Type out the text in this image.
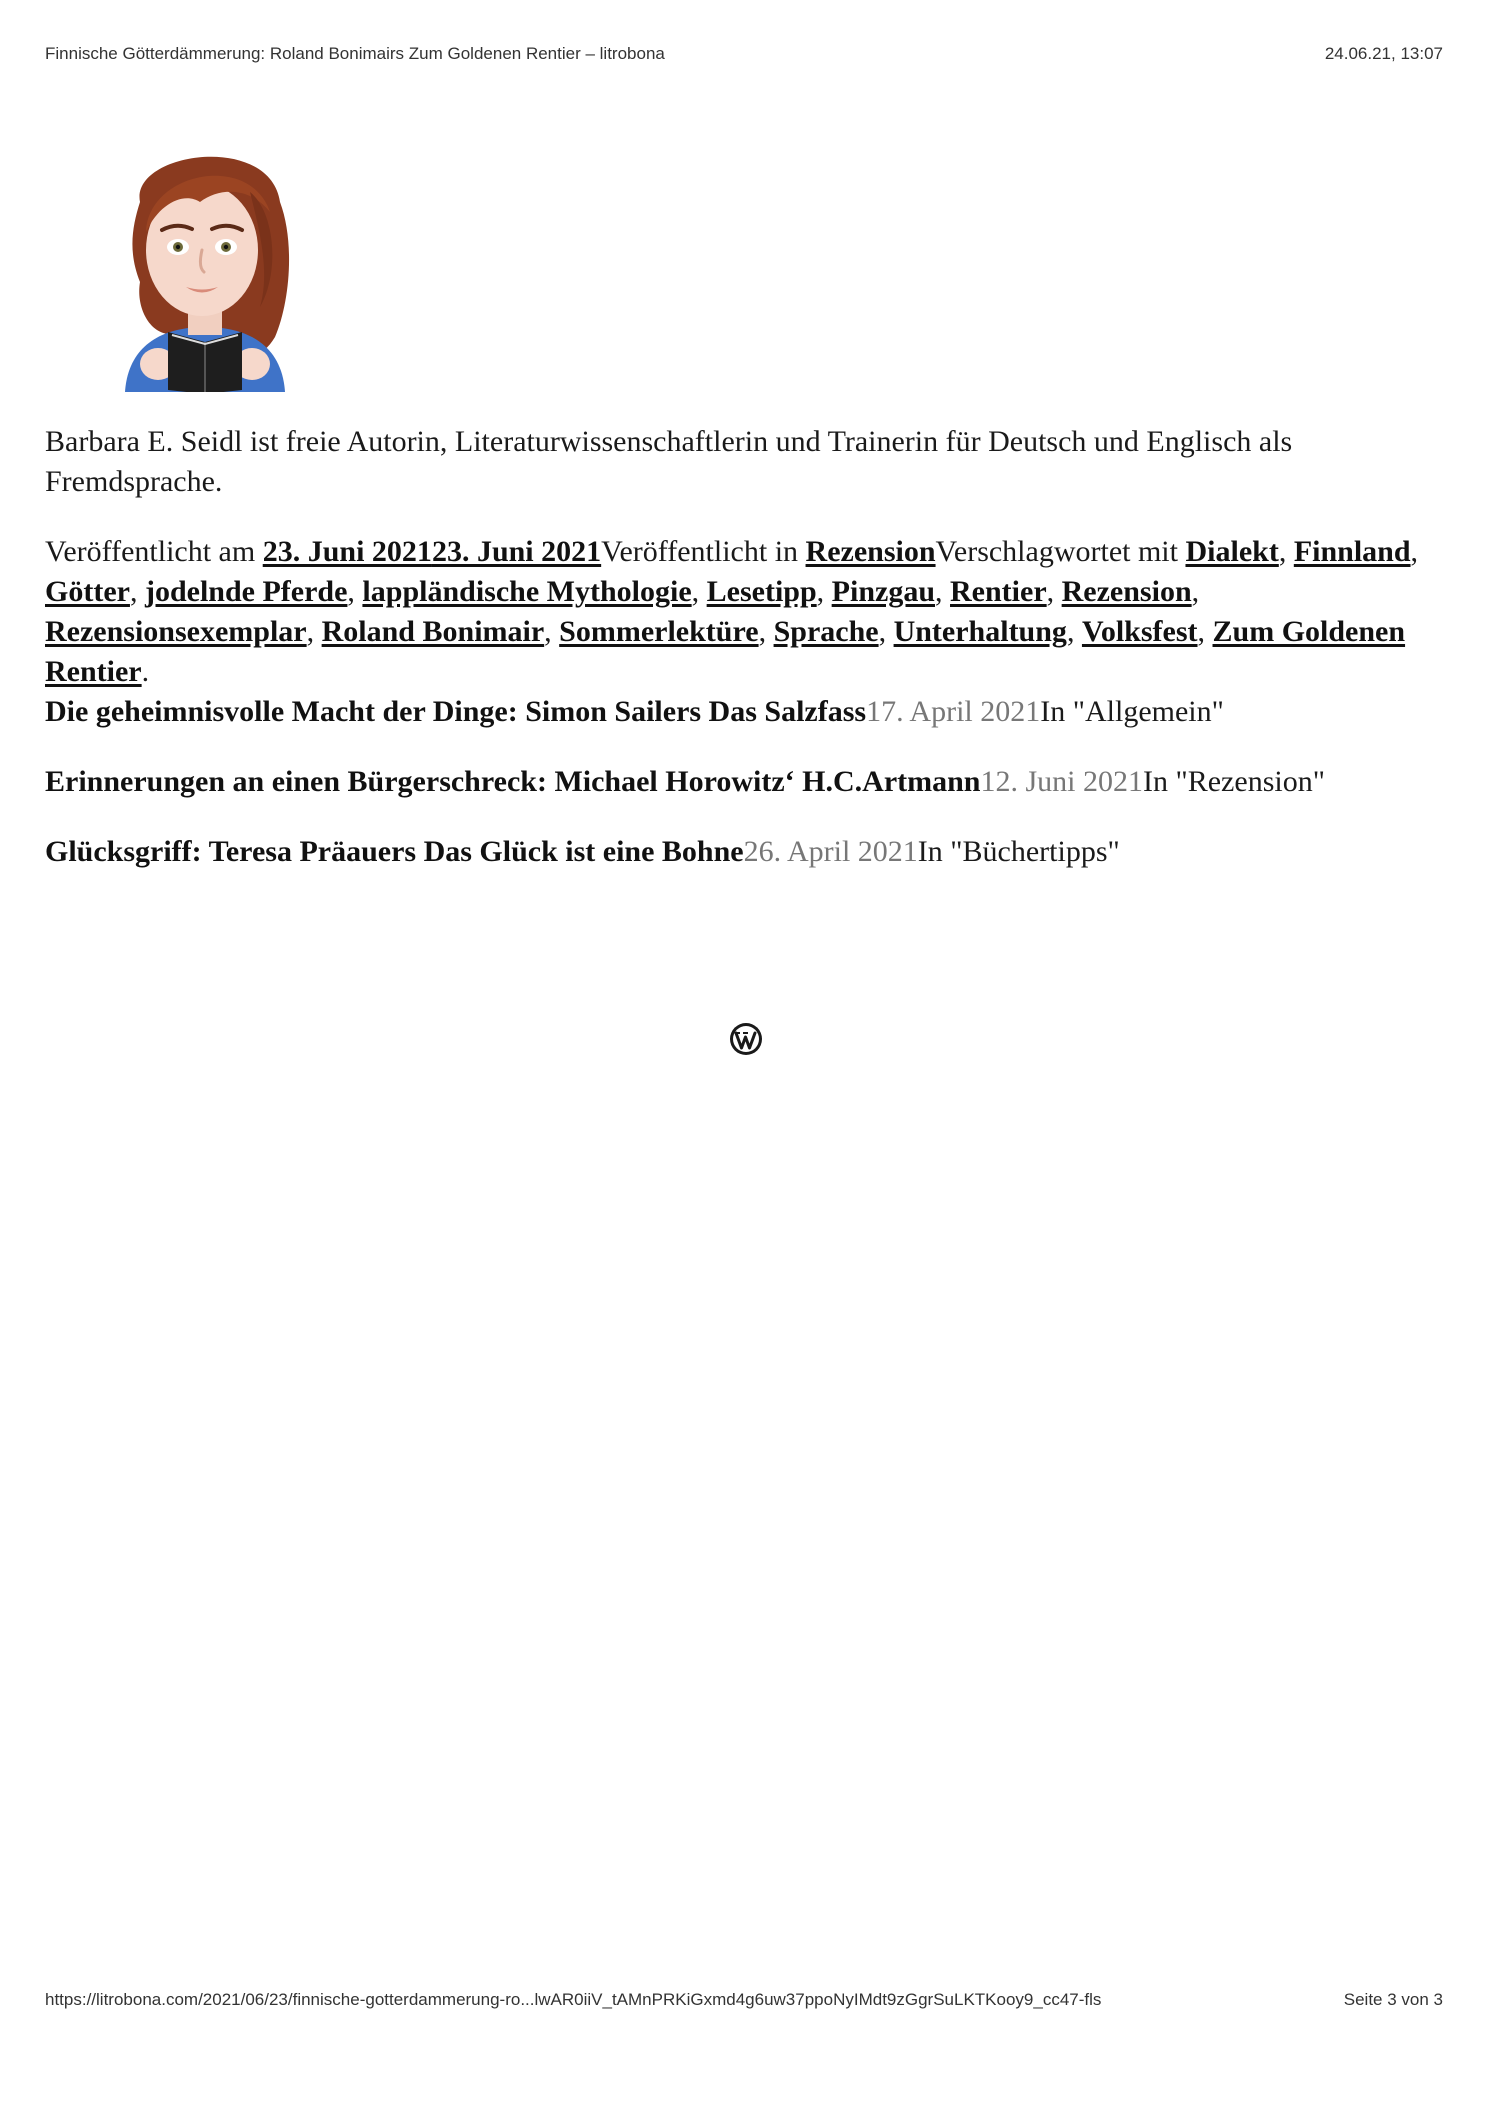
Finnische Götterdämmerung: Roland Bonimairs Zum Goldenen Rentier – litrobona	24.06.21, 13:07

Barbara E. Seidl ist freie Autorin, Literaturwissenschaftlerin und Trainerin für Deutsch und Englisch als Fremdsprache.

Veröffentlicht am 23. Juni 202123. Juni 2021Veröffentlicht in RezensionVerschlagwortet mit Dialekt, Finnland, Götter, jodelnde Pferde, lappländische Mythologie, Lesetipp, Pinzgau, Rentier, Rezension, Rezensionsexemplar, Roland Bonimair, Sommerlektüre, Sprache, Unterhaltung, Volksfest, Zum Goldenen Rentier.

Die geheimnisvolle Macht der Dinge: Simon Sailers Das Salzfass17. April 2021In "Allgemein"

Erinnerungen an einen Bürgerschreck: Michael Horowitz‘ H.C.Artmann12. Juni 2021In "Rezension"

Glücksgriff: Teresa Präauers Das Glück ist eine Bohne26. April 2021In "Büchertipps"

https://litrobona.com/2021/06/23/finnische-gotterdammerung-ro...lwAR0iiV_tAMnPRKiGxmd4g6uw37ppoNyIMdt9zGgrSuLKTKooy9_cc47-fls	Seite 3 von 3
